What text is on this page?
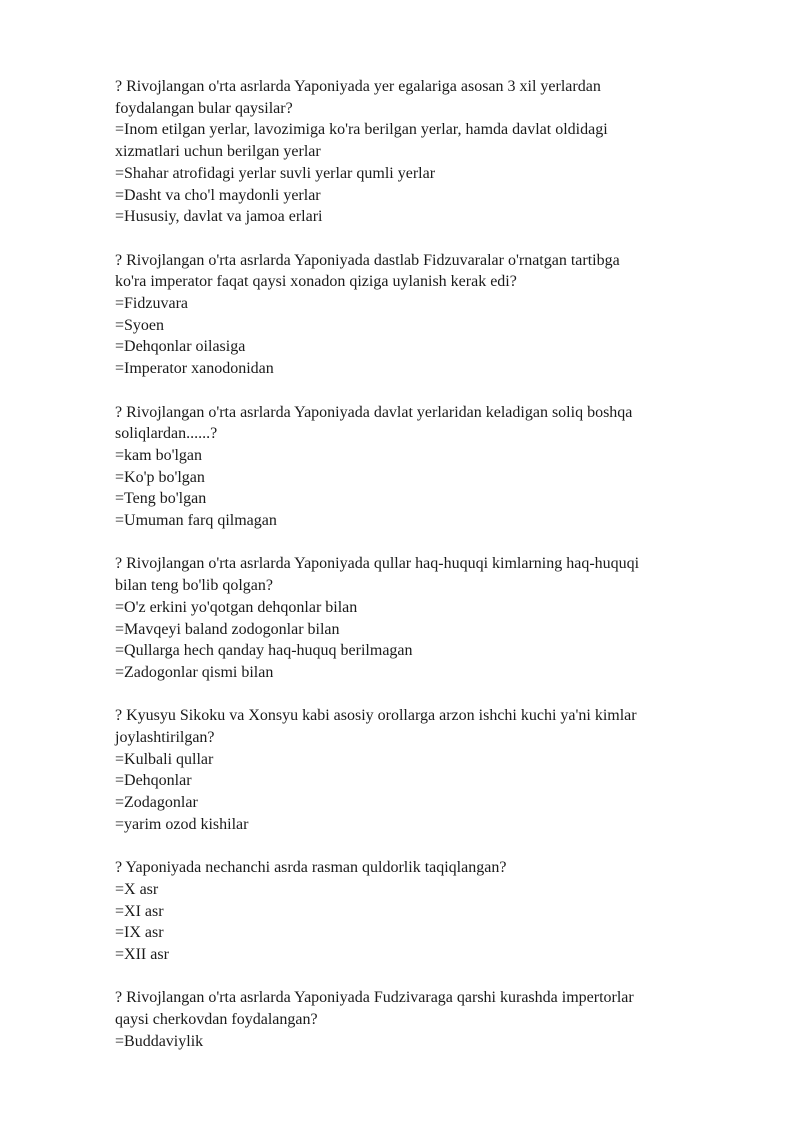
? Rivojlangan o'rta asrlarda Yaponiyada yer egalariga asosan 3 xil yerlardan
foydalangan bular qaysilar?
=Inom etilgan yerlar, lavozimiga ko'ra berilgan yerlar, hamda davlat oldidagi
xizmatlari uchun berilgan yerlar
=Shahar atrofidagi yerlar suvli yerlar qumli yerlar
=Dasht va cho'l maydonli yerlar
=Hususiy, davlat va jamoa erlari
? Rivojlangan o'rta asrlarda Yaponiyada dastlab Fidzuvaralar o'rnatgan tartibga
ko'ra imperator faqat qaysi xonadon qiziga uylanish kerak edi?
=Fidzuvara
=Syoen
=Dehqonlar oilasiga
=Imperator xanodonidan
? Rivojlangan o'rta asrlarda Yaponiyada davlat yerlaridan keladigan soliq boshqa
soliqlardan......?
=kam bo'lgan
=Ko'p bo'lgan
=Teng bo'lgan
=Umuman farq qilmagan
? Rivojlangan o'rta asrlarda Yaponiyada qullar haq-huquqi kimlarning haq-huquqi
bilan teng bo'lib qolgan?
=O'z erkini yo'qotgan dehqonlar bilan
=Mavqeyi baland zodogonlar bilan
=Qullarga hech qanday haq-huquq berilmagan
=Zadogonlar qismi bilan
? Kyusyu Sikoku va Xonsyu kabi asosiy orollarga arzon ishchi kuchi ya'ni kimlar
joylashtirilgan?
=Kulbali qullar
=Dehqonlar
=Zodagonlar
=yarim ozod kishilar
? Yaponiyada nechanchi asrda rasman quldorlik taqiqlangan?
=X asr
=XI asr
=IX asr
=XII asr
? Rivojlangan o'rta asrlarda Yaponiyada Fudzivaraga qarshi kurashda impertorlar
qaysi cherkovdan foydalangan?
=Buddaviylik
